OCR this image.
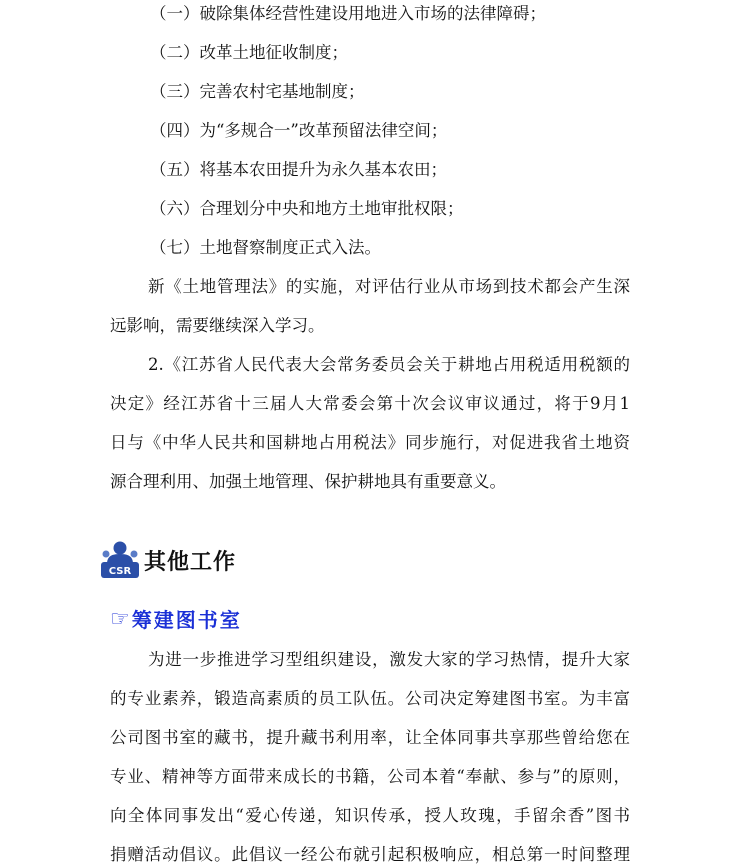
（一）破除集体经营性建设用地进入市场的法律障碍；
（二）改革土地征收制度；
（三）完善农村宅基地制度；
（四）为“多规合一”改革预留法律空间；
（五）将基本农田提升为永久基本农田；
（六）合理划分中央和地方土地审批权限；
（七）土地督察制度正式入法。
新《土地管理法》的实施，对评估行业从市场到技术都会产生深
远影响，需要继续深入学习。
2.《江苏省人民代表大会常务委员会关于耕地占用税适用税额的
决定》经江苏省十三届人大常委会第十次会议审议通过，将于9月1
日与《中华人民共和国耕地占用税法》同步施行，对促进我省土地资
源合理利用、加强土地管理、保护耕地具有重要意义。
CSR 其他工作
☞ 筹建图书室
为进一步推进学习型组织建设，激发大家的学习热情，提升大家
的专业素养，锻造高素质的员工队伍。公司决定筹建图书室。为丰富
公司图书室的藏书，提升藏书利用率，让全体同事共享那些曾给您在
专业、精神等方面带来成长的书籍，公司本着“奉献、参与”的原则，
向全体同事发出“爱心传递，知识传承，授人玫瑰，手留余香”图书
捐赠活动倡议。此倡议一经公布就引起积极响应，相总第一时间整理
